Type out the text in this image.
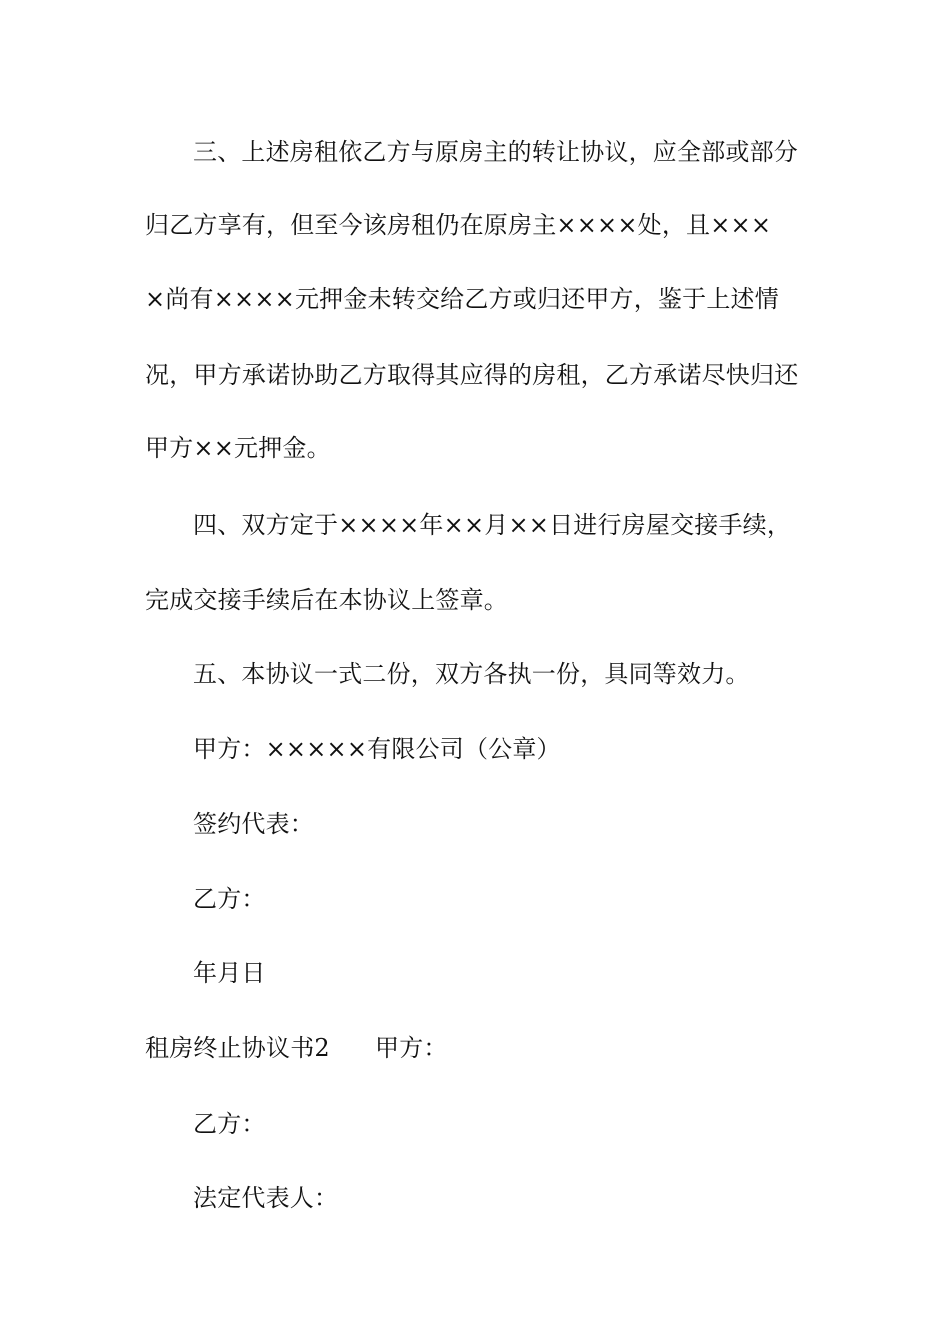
三、上述房租依乙方与原房主的转让协议，应全部或部分
归乙方享有，但至今该房租仍在原房主××××处，且×××
×尚有××××元押金未转交给乙方或归还甲方，鉴于上述情
况，甲方承诺协助乙方取得其应得的房租，乙方承诺尽快归还
甲方××元押金。
四、双方定于××××年××月××日进行房屋交接手续，
完成交接手续后在本协议上签章。
五、本协议一式二份，双方各执一份，具同等效力。
甲方：×××××有限公司（公章）
签约代表：
乙方：
年月日
租房终止协议书2 甲方：
乙方：
法定代表人：
